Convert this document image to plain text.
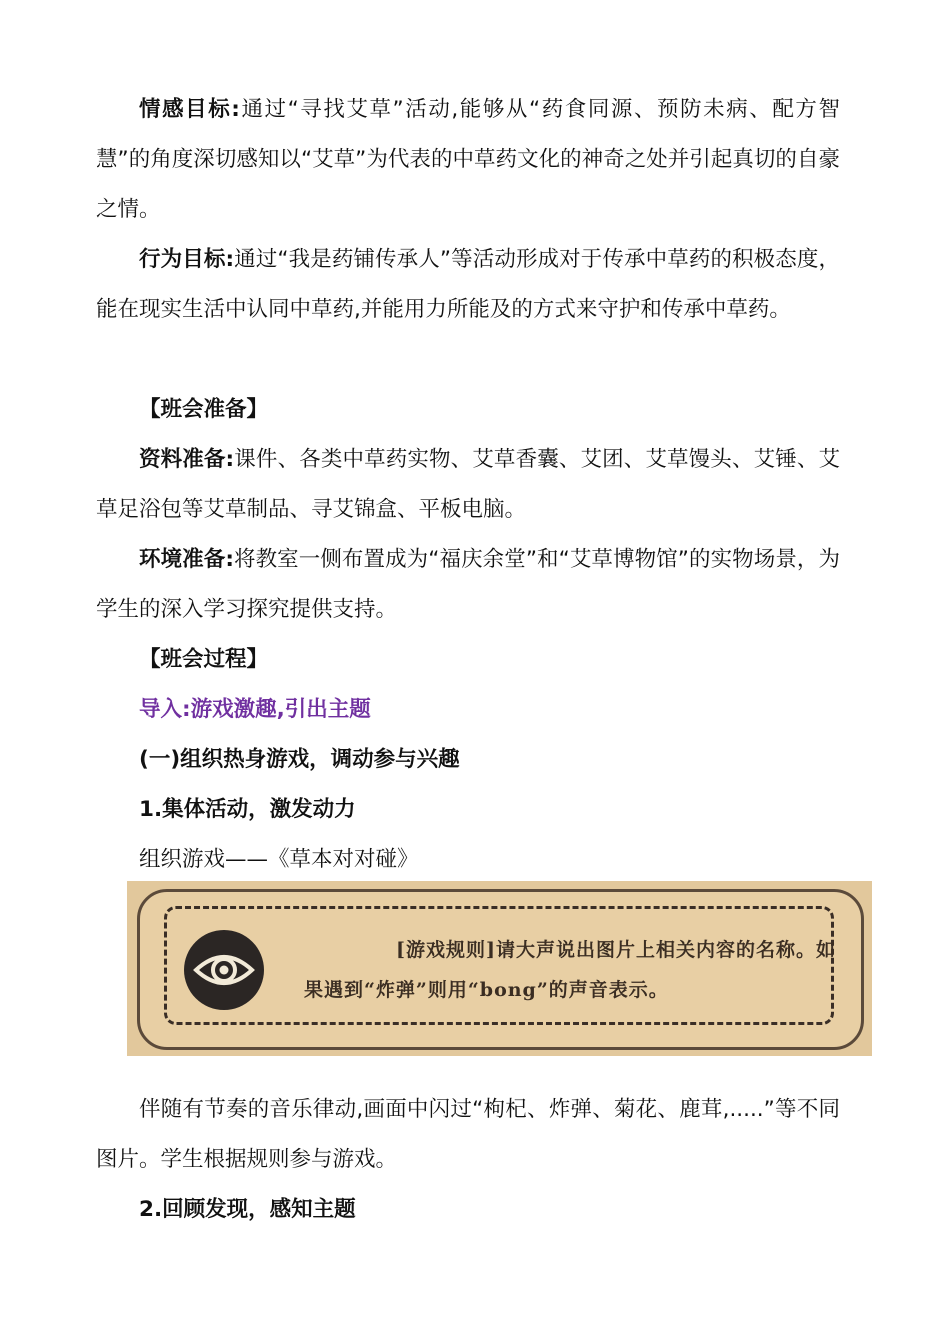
情感目标:通过“寻找艾草”活动,能够从“药食同源、预防未病、配方智慧”的角度深切感知以“艾草”为代表的中草药文化的神奇之处并引起真切的自豪之情。

行为目标:通过“我是药铺传承人”等活动形成对于传承中草药的积极态度，能在现实生活中认同中草药,并能用力所能及的方式来守护和传承中草药。

【班会准备】

资料准备:课件、各类中草药实物、艾草香囊、艾团、艾草馒头、艾锤、艾草足浴包等艾草制品、寻艾锦盒、平板电脑。

环境准备:将教室一侧布置成为“福庆余堂”和“艾草博物馆”的实物场景，为学生的深入学习探究提供支持。

【班会过程】

导入:游戏激趣,引出主题

(一)组织热身游戏，调动参与兴趣

1.集体活动，激发动力

组织游戏——《草本对对碰》

[游戏规则]请大声说出图片上相关内容的名称。如
果遇到“炸弹”则用“bong”的声音表示。

伴随有节奏的音乐律动,画面中闪过“枸杞、炸弹、菊花、鹿茸,.....”等不同图片。学生根据规则参与游戏。

2.回顾发现，感知主题
